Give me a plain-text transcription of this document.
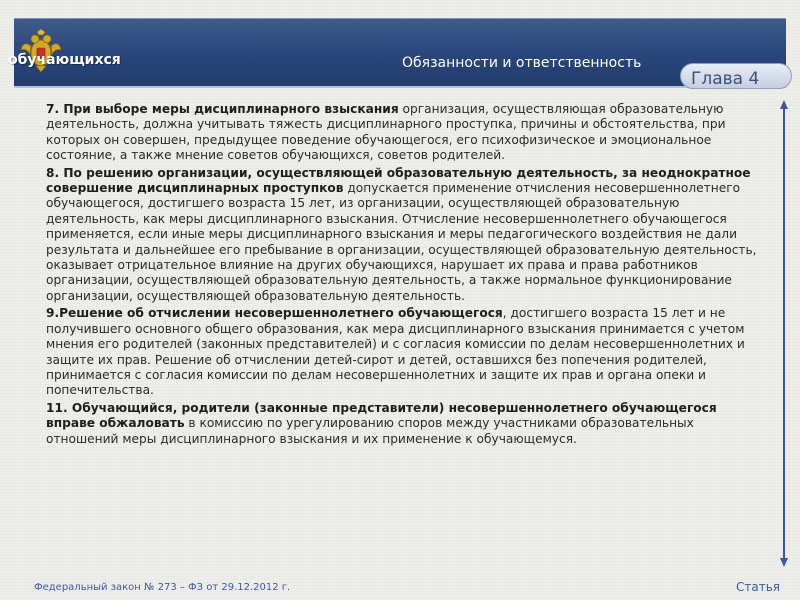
Обязанности и ответственность
Глава 4
обучающихся

7. При выборе меры дисциплинарного взыскания организация, осуществляющая образовательную деятельность, должна учитывать тяжесть дисциплинарного проступка, причины и обстоятельства, при которых он совершен, предыдущее поведение обучающегося, его психофизическое и эмоциональное состояние, а также мнение советов обучающихся, советов родителей.

8. По решению организации, осуществляющей образовательную деятельность, за неоднократное совершение дисциплинарных проступков допускается применение отчисления несовершеннолетнего обучающегося, достигшего возраста 15 лет, из организации, осуществляющей образовательную деятельность, как меры дисциплинарного взыскания. Отчисление несовершеннолетнего обучающегося применяется, если иные меры дисциплинарного взыскания и меры педагогического воздействия не дали результата и дальнейшее его пребывание в организации, осуществляющей образовательную деятельность, оказывает отрицательное влияние на других обучающихся, нарушает их права и права работников организации, осуществляющей образовательную деятельность, а также нормальное функционирование организации, осуществляющей образовательную деятельность.

9.Решение об отчислении несовершеннолетнего обучающегося, достигшего возраста 15 лет и не получившего основного общего образования, как мера дисциплинарного взыскания принимается с учетом мнения его родителей (законных представителей) и с согласия комиссии по делам несовершеннолетних и защите их прав. Решение об отчислении детей-сирот и детей, оставшихся без попечения родителей, принимается с согласия комиссии по делам несовершеннолетних и защите их прав и органа опеки и попечительства.

11. Обучающийся, родители (законные представители) несовершеннолетнего обучающегося вправе обжаловать в комиссию по урегулированию споров между участниками образовательных отношений меры дисциплинарного взыскания и их применение к обучающемуся.

Федеральный закон № 273 – ФЗ от 29.12.2012 г.	Статья
